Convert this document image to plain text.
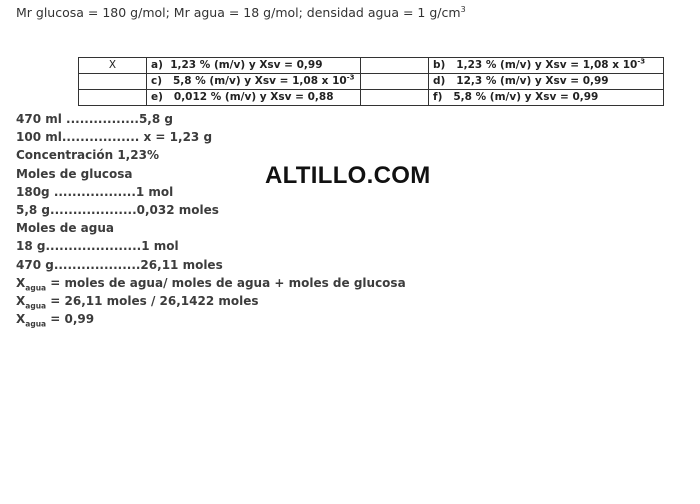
Mr glucosa = 180 g/mol; Mr agua = 18 g/mol; densidad agua = 1 $g/cm^3$
X	a) 1,23 % (m/v) y Xsv = 0,99		b) 1,23 % (m/v) y Xsv = 1,08 x $10^{-3}$
	c) 5,8 % (m/v) y Xsv = 1,08 x $10^{-3}$		d) 12,3 % (m/v) y Xsv = 0,99
	e) 0,012 % (m/v) y Xsv = 0,88		f) 5,8 % (m/v) y Xsv = 0,99
470 ml ................5,8 g
100 ml................. x = 1,23 g
Concentración 1,23%
Moles de glucosa
180g ..................1 mol
5,8 g...................0,032 moles
Moles de agua
18 g.....................1 mol
470 g...................26,11 moles
$X_{agua}$ = moles de agua/ moles de agua + moles de glucosa
$X_{agua} = 26,11$ moles / 26,1422 moles
$X_{agua} = 0,99$
ALTILLO.COM
